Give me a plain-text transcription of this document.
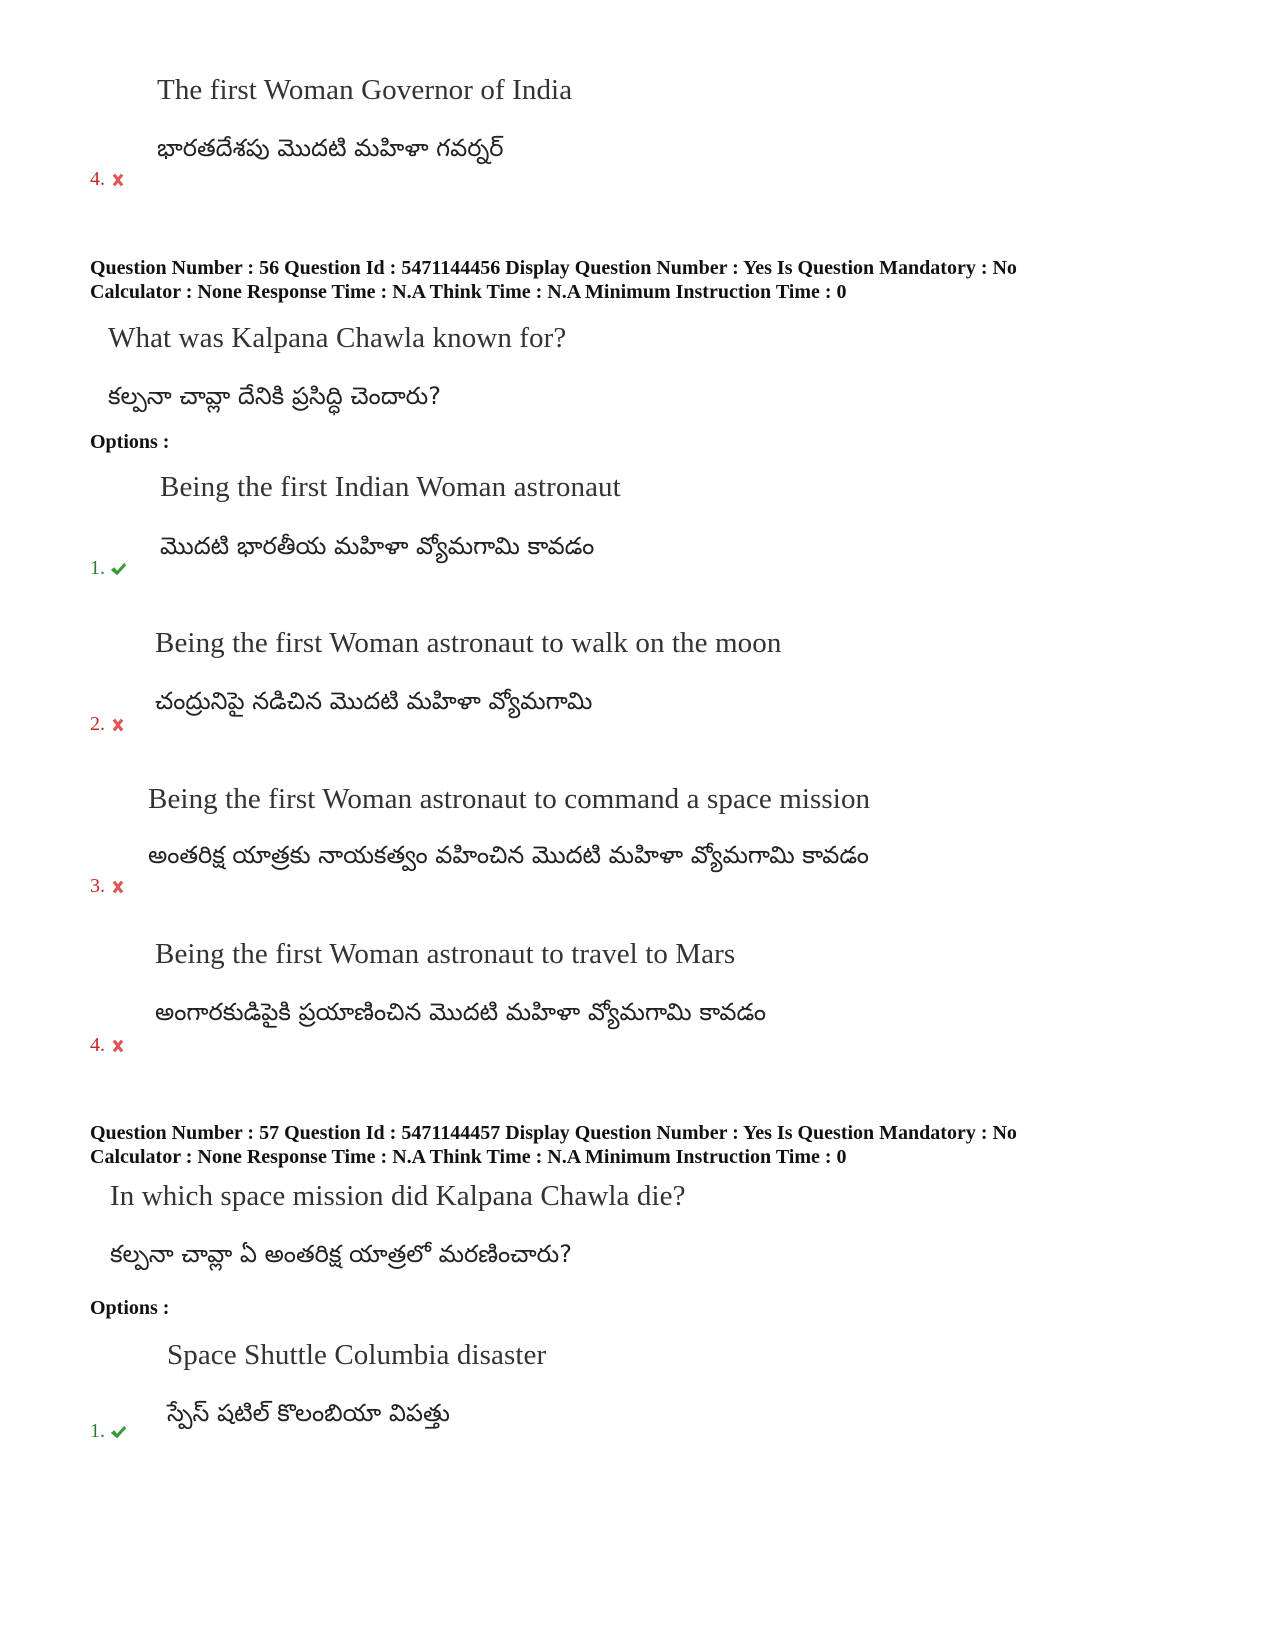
The first Woman Governor of India
భారతదేశపు మొదటి మహిళా గవర్నర్
4.
Question Number : 56 Question Id : 5471144456 Display Question Number : Yes Is Question Mandatory : No
Calculator : None Response Time : N.A Think Time : N.A Minimum Instruction Time : 0
What was Kalpana Chawla known for?
కల్పనా చావ్లా దేనికి ప్రసిద్ధి చెందారు?
Options :
Being the first Indian Woman astronaut
మొదటి భారతీయ మహిళా వ్యోమగామి కావడం
1.
Being the first Woman astronaut to walk on the moon
చంద్రునిపై నడిచిన మొదటి మహిళా వ్యోమగామి
2.
Being the first Woman astronaut to command a space mission
అంతరిక్ష యాత్రకు నాయకత్వం వహించిన మొదటి మహిళా వ్యోమగామి కావడం
3.
Being the first Woman astronaut to travel to Mars
అంగారకుడిపైకి ప్రయాణించిన మొదటి మహిళా వ్యోమగామి కావడం
4.
Question Number : 57 Question Id : 5471144457 Display Question Number : Yes Is Question Mandatory : No
Calculator : None Response Time : N.A Think Time : N.A Minimum Instruction Time : 0
In which space mission did Kalpana Chawla die?
కల్పనా చావ్లా ఏ అంతరిక్ష యాత్రలో మరణించారు?
Options :
Space Shuttle Columbia disaster
స్పేస్ షటిల్ కొలంబియా విపత్తు
1.
